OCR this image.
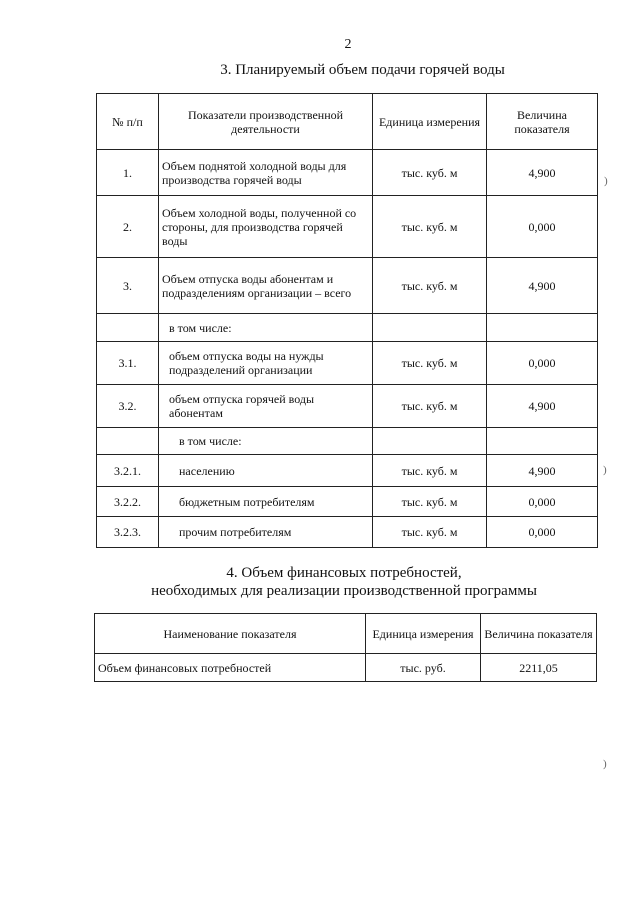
2
3. Планируемый объем подачи горячей воды
№ п/п	Показатели производственной деятельности	Единица измерения	Величина показателя
1.	Объем поднятой холодной воды для производства горячей воды	тыс. куб. м	4,900
2.	Объем холодной воды, полученной со стороны, для производства горячей воды	тыс. куб. м	0,000
3.	Объем отпуска воды абонентам и подразделениям организации – всего	тыс. куб. м	4,900
	в том числе:		
3.1.	объем отпуска воды на нужды подразделений организации	тыс. куб. м	0,000
3.2.	объем отпуска горячей воды абонентам	тыс. куб. м	4,900
	в том числе:		
3.2.1.	населению	тыс. куб. м	4,900
3.2.2.	бюджетным потребителям	тыс. куб. м	0,000
3.2.3.	прочим потребителям	тыс. куб. м	0,000
4. Объем финансовых потребностей,
необходимых для реализации производственной программы
Наименование показателя	Единица измерения	Величина показателя
Объем финансовых потребностей	тыс. руб.	2211,05
)
)
)
